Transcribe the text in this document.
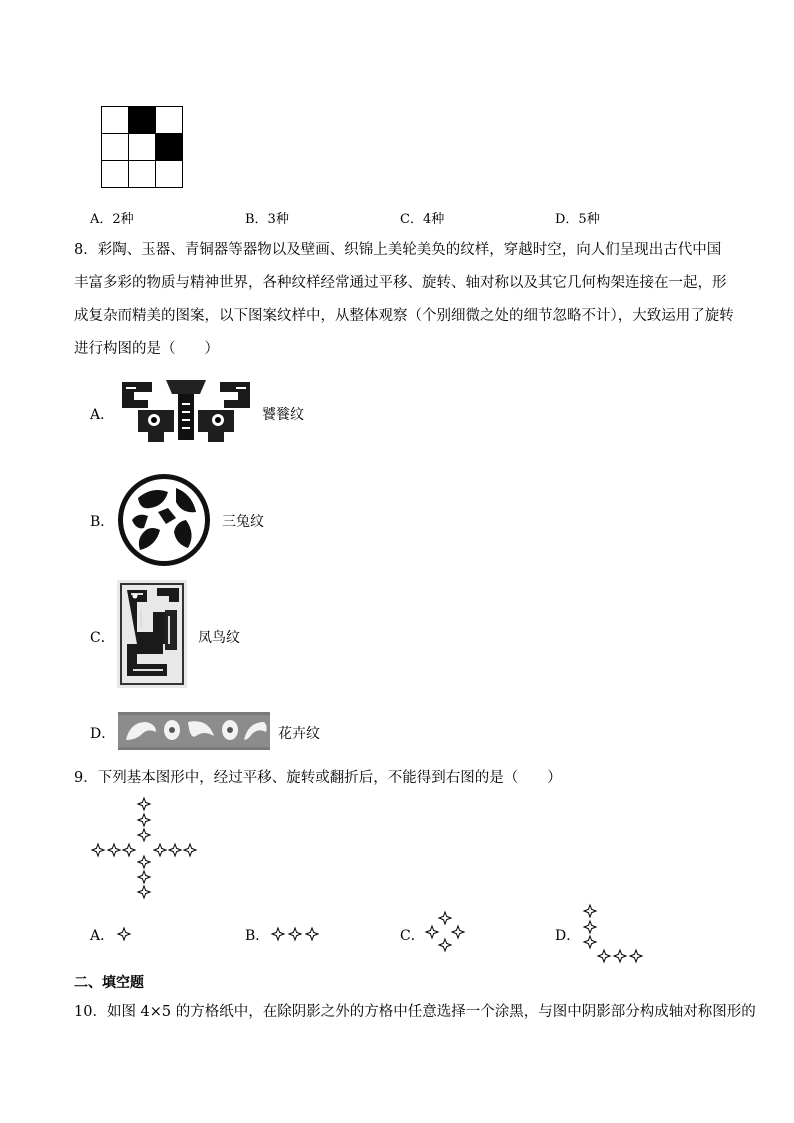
A．2种	B．3种	C．4种	D．5种
8．彩陶、玉器、青铜器等器物以及壁画、织锦上美轮美奂的纹样，穿越时空，向人们呈现出古代中国丰富多彩的物质与精神世界，各种纹样经常通过平移、旋转、轴对称以及其它几何构架连接在一起，形成复杂而精美的图案，以下图案纹样中，从整体观察（个别细微之处的细节忽略不计），大致运用了旋转进行构图的是（　　）
A．	饕餮纹
B．	三兔纹
C．	凤鸟纹
D．	花卉纹
9．下列基本图形中，经过平移、旋转或翻折后，不能得到右图的是（　　）
A．	B．	C．	D．
二、填空题
10．如图 4×5 的方格纸中，在除阴影之外的方格中任意选择一个涂黑，与图中阴影部分构成轴对称图形的
